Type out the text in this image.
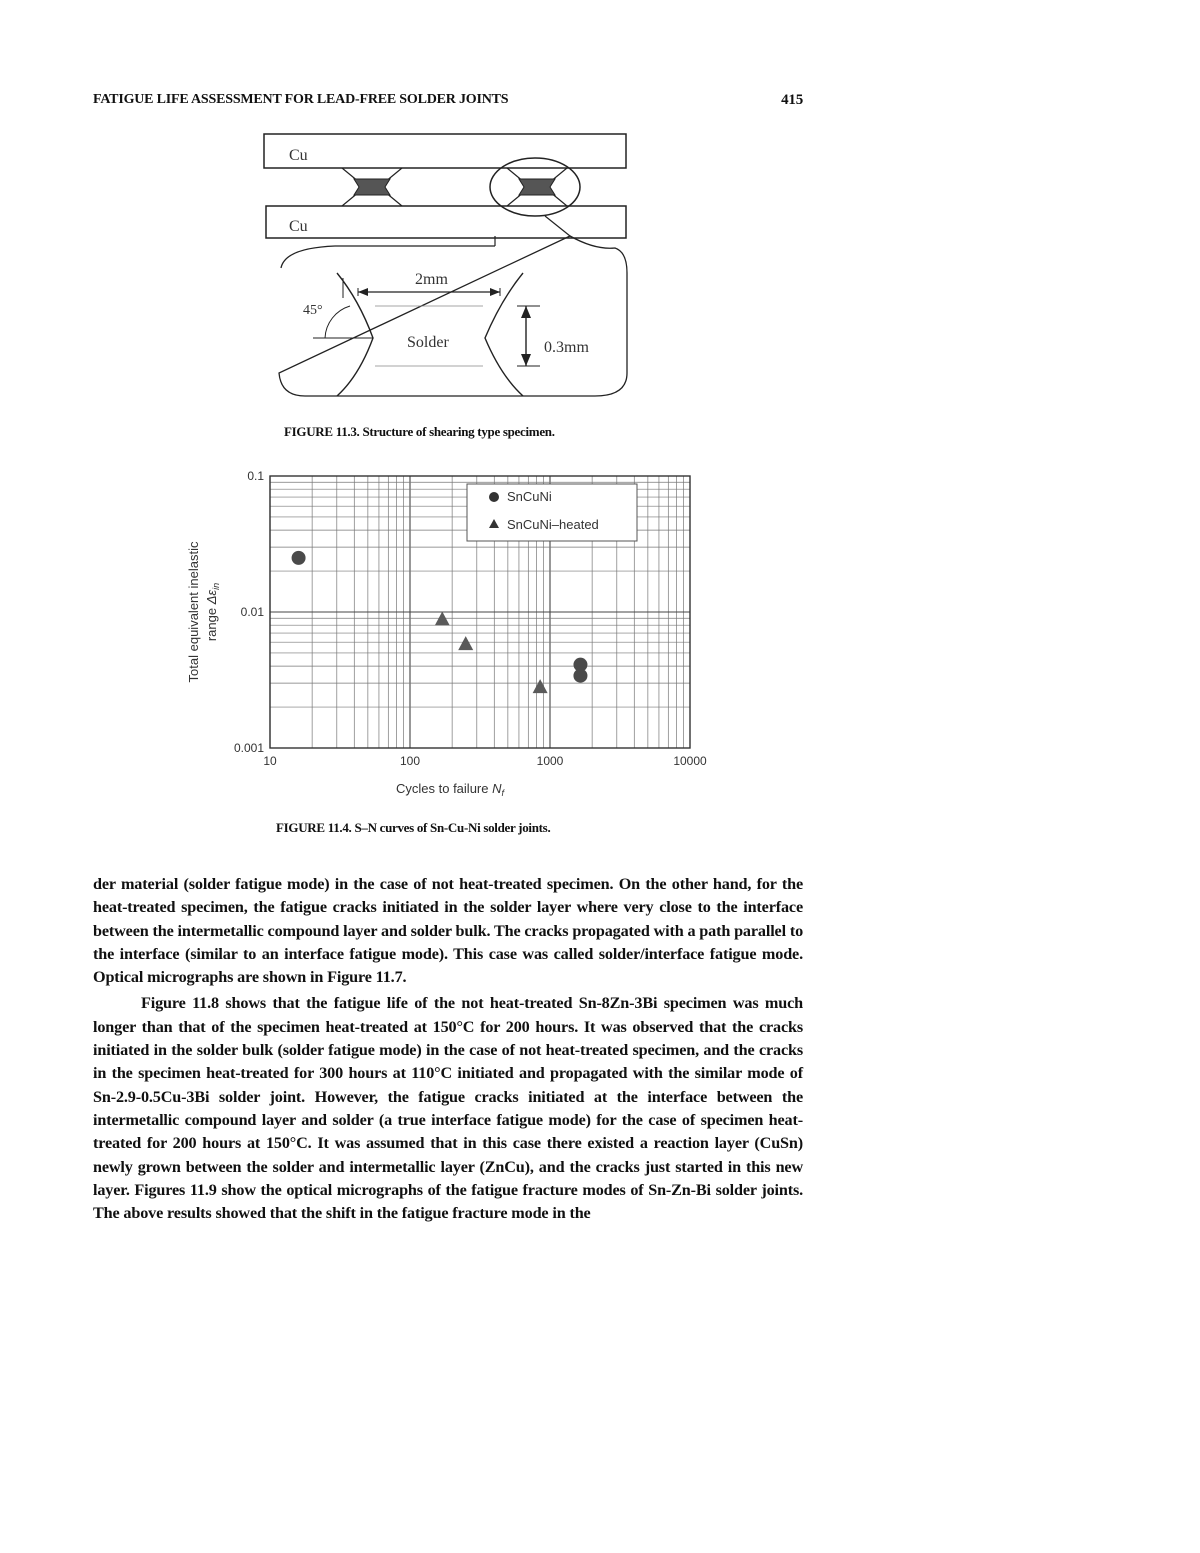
FATIGUE LIFE ASSESSMENT FOR LEAD-FREE SOLDER JOINTS	415
Cu
Cu
2mm
45°
Solder	0.3mm
FIGURE 11.3. Structure of shearing type specimen.
10	100	1000	10000
0.001
0.01
0.1
SnCuNi
SnCuNi–heated
Cycles to failure $N_f$
Total equivalent inelastic range $\Delta\varepsilon_{in}$
FIGURE 11.4. S–N curves of Sn-Cu-Ni solder joints.

der material (solder fatigue mode) in the case of not heat-treated specimen. On the other hand, for the heat-treated specimen, the fatigue cracks initiated in the solder layer where very close to the interface between the intermetallic compound layer and solder bulk. The cracks propagated with a path parallel to the interface (similar to an interface fatigue mode). This case was called solder/interface fatigue mode. Optical micrographs are shown in Figure 11.7.

Figure 11.8 shows that the fatigue life of the not heat-treated Sn-8Zn-3Bi specimen was much longer than that of the specimen heat-treated at 150°C for 200 hours. It was observed that the cracks initiated in the solder bulk (solder fatigue mode) in the case of not heat-treated specimen, and the cracks in the specimen heat-treated for 300 hours at 110°C initiated and propagated with the similar mode of Sn-2.9-0.5Cu-3Bi solder joint. However, the fatigue cracks initiated at the interface between the intermetallic compound layer and solder (a true interface fatigue mode) for the case of specimen heat-treated for 200 hours at 150°C. It was assumed that in this case there existed a reaction layer (CuSn) newly grown between the solder and intermetallic layer (ZnCu), and the cracks just started in this new layer. Figures 11.9 show the optical micrographs of the fatigue fracture modes of Sn-Zn-Bi solder joints. The above results showed that the shift in the fatigue fracture mode in the
